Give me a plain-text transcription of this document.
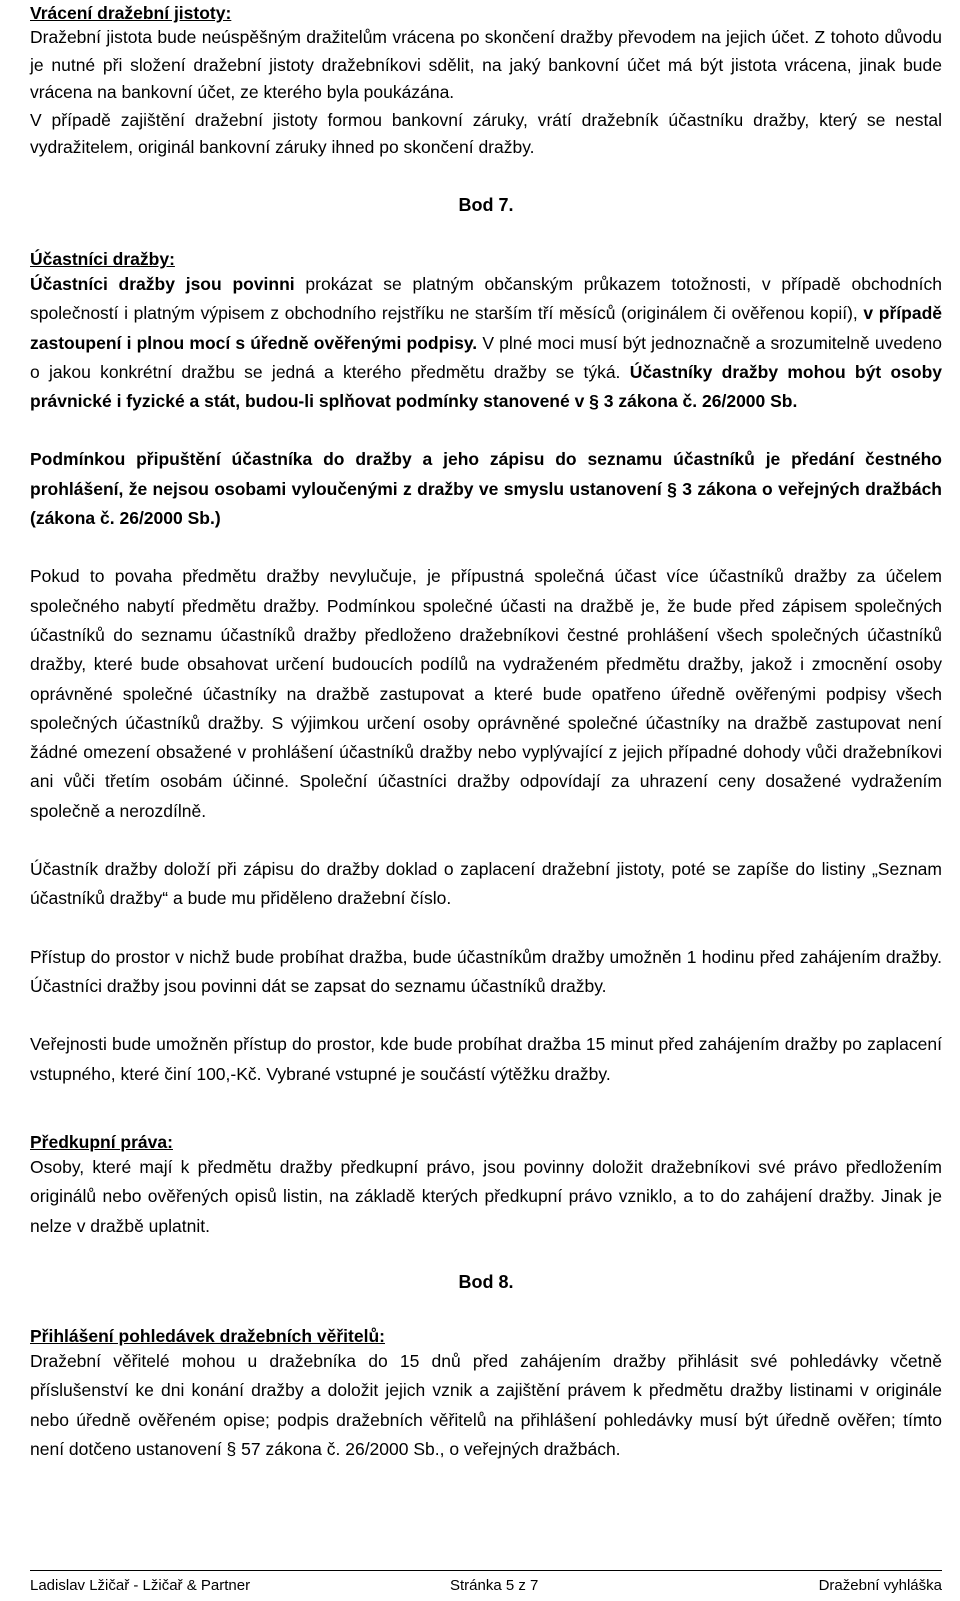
Vrácení dražební jistoty:
Dražební jistota bude neúspěšným dražitelům vrácena po skončení dražby převodem na jejich účet. Z tohoto důvodu je nutné při složení dražební jistoty dražebníkovi sdělit, na jaký bankovní účet má být jistota vrácena, jinak bude vrácena na bankovní účet, ze kterého byla poukázána.
V případě zajištění dražební jistoty formou bankovní záruky, vrátí dražebník účastníku dražby, který se nestal vydražitelem, originál bankovní záruky ihned po skončení dražby.
Bod 7.
Účastníci dražby:
Účastníci dražby jsou povinni prokázat se platným občanským průkazem totožnosti, v případě obchodních společností i platným výpisem z obchodního rejstříku ne starším tří měsíců (originálem či ověřenou kopií), v případě zastoupení i plnou mocí s úředně ověřenými podpisy. V plné moci musí být jednoznačně a srozumitelně uvedeno o jakou konkrétní dražbu se jedná a kterého předmětu dražby se týká. Účastníky dražby mohou být osoby právnické i fyzické a stát, budou-li splňovat podmínky stanovené v § 3 zákona č. 26/2000 Sb.
Podmínkou připuštění účastníka do dražby a jeho zápisu do seznamu účastníků je předání čestného prohlášení, že nejsou osobami vyloučenými z dražby ve smyslu ustanovení § 3 zákona o veřejných dražbách (zákona č. 26/2000 Sb.)
Pokud to povaha předmětu dražby nevylučuje, je přípustná společná účast více účastníků dražby za účelem společného nabytí předmětu dražby. Podmínkou společné účasti na dražbě je, že bude před zápisem společných účastníků do seznamu účastníků dražby předloženo dražebníkovi čestné prohlášení všech společných účastníků dražby, které bude obsahovat určení budoucích podílů na vydraženém předmětu dražby, jakož i zmocnění osoby oprávněné společné účastníky na dražbě zastupovat a které bude opatřeno úředně ověřenými podpisy všech společných účastníků dražby. S výjimkou určení osoby oprávněné společné účastníky na dražbě zastupovat není žádné omezení obsažené v prohlášení účastníků dražby nebo vyplývající z jejich případné dohody vůči dražebníkovi ani vůči třetím osobám účinné. Společní účastníci dražby odpovídají za uhrazení ceny dosažené vydražením společně a nerozdílně.
Účastník dražby doloží při zápisu do dražby doklad o zaplacení dražební jistoty, poté se zapíše do listiny „Seznam účastníků dražby“ a bude mu přiděleno dražební číslo.
Přístup do prostor v nichž bude probíhat dražba, bude účastníkům dražby umožněn 1 hodinu před zahájením dražby. Účastníci dražby jsou povinni dát se zapsat do seznamu účastníků dražby.
Veřejnosti bude umožněn přístup do prostor, kde bude probíhat dražba 15 minut před zahájením dražby po zaplacení vstupného, které činí 100,-Kč. Vybrané vstupné je součástí výtěžku dražby.
Předkupní práva:
Osoby, které mají k předmětu dražby předkupní právo, jsou povinny doložit dražebníkovi své právo předložením originálů nebo ověřených opisů listin, na základě kterých předkupní právo vzniklo, a to do zahájení dražby. Jinak je nelze v dražbě uplatnit.
Bod 8.
Přihlášení pohledávek dražebních věřitelů:
Dražební věřitelé mohou u dražebníka do 15 dnů před zahájením dražby přihlásit své pohledávky včetně příslušenství ke dni konání dražby a doložit jejich vznik a zajištění právem k předmětu dražby listinami v originále nebo úředně ověřeném opise; podpis dražebních věřitelů na přihlášení pohledávky musí být úředně ověřen; tímto není dotčeno ustanovení § 57 zákona č. 26/2000 Sb., o veřejných dražbách.
Ladislav Lžičař - Lžičař & Partner	Stránka 5 z 7	Dražební vyhláška
